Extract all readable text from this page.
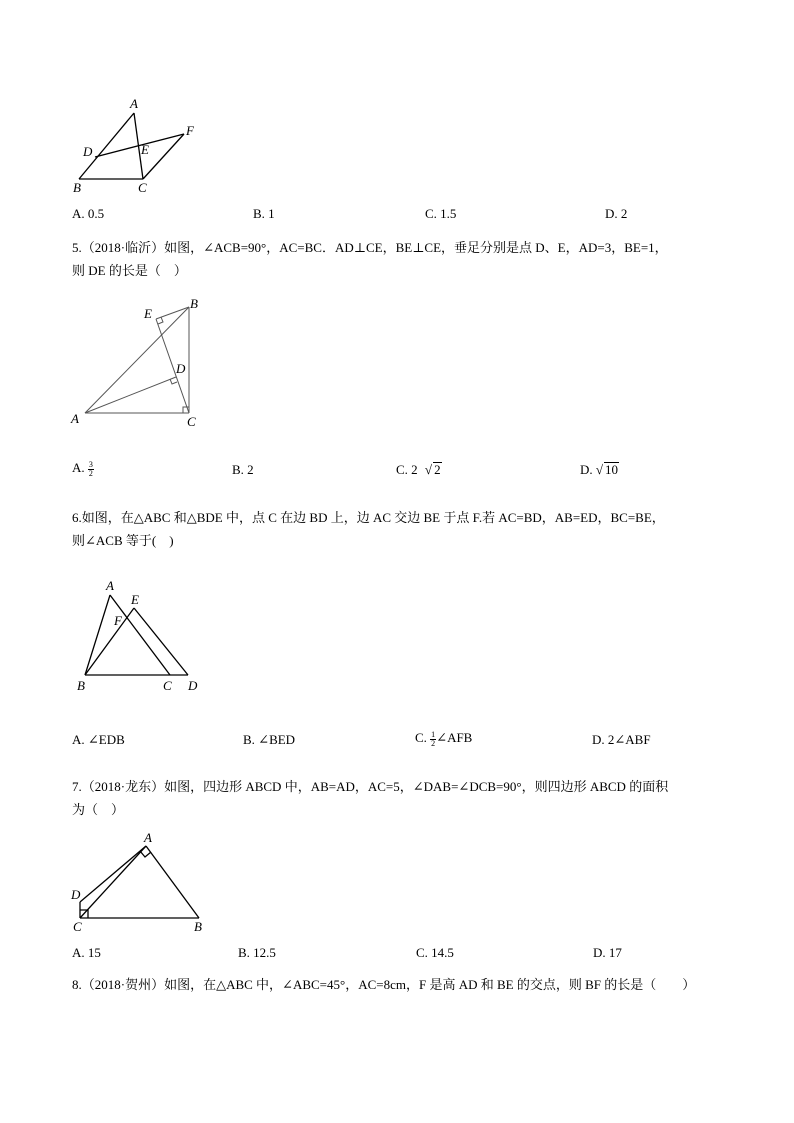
A
B	C
D	E
F
A. 0.5	B. 1	C. 1.5	D. 2
5.（2018·临沂）如图，∠ACB=90°，AC=BC．AD⊥CE，BE⊥CE，垂足分别是点 D、E，AD=3，BE=1，
则 DE 的长是（　）
A
B
C
D
E
A. $\frac{3}{2}$	B. 2	C. 2 √ 2	D. √ 10
6.如图，在△ABC 和△BDE 中，点 C 在边 BD 上，边 AC 交边 BE 于点 F.若 AC=BD，AB=ED，BC=BE，
则∠ACB 等于(　)
A
B	C D
E
F
A. ∠EDB	B. ∠BED	C. $\frac{1}{2}$ ∠AFB	D. 2∠ABF
7.（2018·龙东）如图，四边形 ABCD 中，AB=AD，AC=5，∠DAB=∠DCB=90°，则四边形 ABCD 的面积
为（　）
A
B
C
D
A. 15	B. 12.5	C. 14.5	D. 17
8.（2018·贺州）如图，在△ABC 中，∠ABC=45°，AC=8cm，F 是高 AD 和 BE 的交点，则 BF 的长是（　　）
